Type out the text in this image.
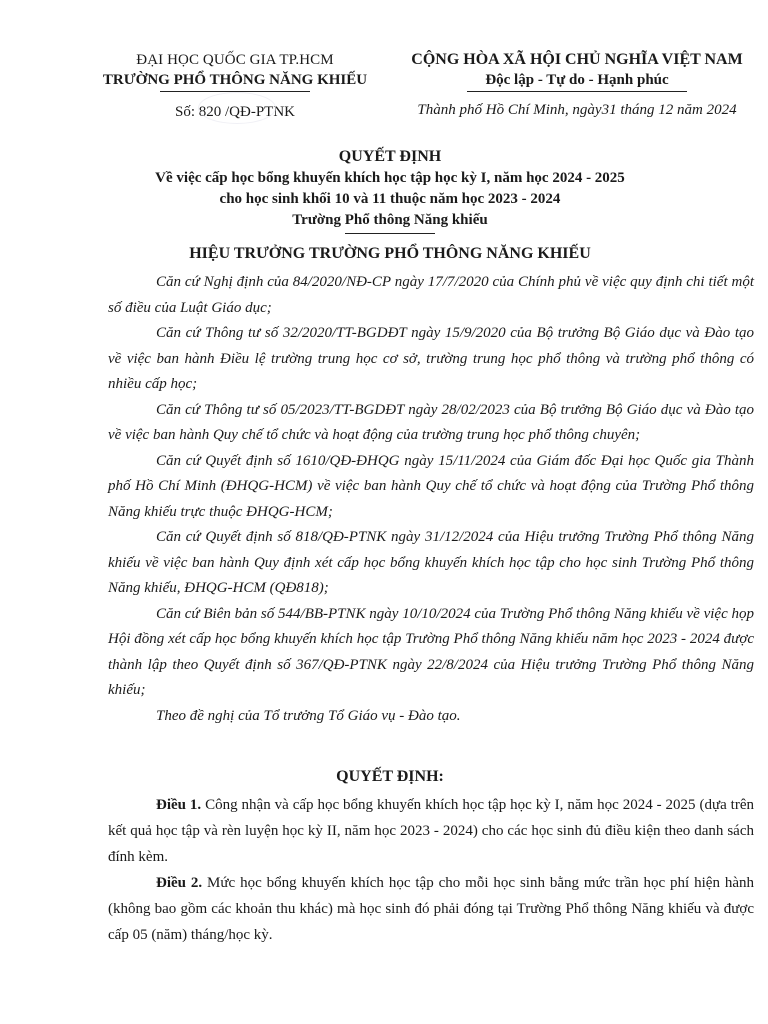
ĐẠI HỌC QUỐC GIA TP.HCM
TRƯỜNG PHỔ THÔNG NĂNG KHIẾU
Số: 820 /QĐ-PTNK
CỘNG HÒA XÃ HỘI CHỦ NGHĨA VIỆT NAM
Độc lập - Tự do - Hạnh phúc
Thành phố Hồ Chí Minh, ngày31 tháng 12 năm 2024
QUYẾT ĐỊNH
Về việc cấp học bổng khuyến khích học tập học kỳ I, năm học 2024 - 2025
cho học sinh khối 10 và 11 thuộc năm học 2023 - 2024
Trường Phổ thông Năng khiếu
HIỆU TRƯỞNG TRƯỜNG PHỔ THÔNG NĂNG KHIẾU

Căn cứ Nghị định của 84/2020/NĐ-CP ngày 17/7/2020 của Chính phủ về việc quy định chi tiết một số điều của Luật Giáo dục;

Căn cứ Thông tư số 32/2020/TT-BGDĐT ngày 15/9/2020 của Bộ trưởng Bộ Giáo dục và Đào tạo về việc ban hành Điều lệ trường trung học cơ sở, trường trung học phổ thông và trường phổ thông có nhiều cấp học;

Căn cứ Thông tư số 05/2023/TT-BGDĐT ngày 28/02/2023 của Bộ trưởng Bộ Giáo dục và Đào tạo về việc ban hành Quy chế tổ chức và hoạt động của trường trung học phổ thông chuyên;

Căn cứ Quyết định số 1610/QĐ-ĐHQG ngày 15/11/2024 của Giám đốc Đại học Quốc gia Thành phố Hồ Chí Minh (ĐHQG-HCM) về việc ban hành Quy chế tổ chức và hoạt động của Trường Phổ thông Năng khiếu trực thuộc ĐHQG-HCM;

Căn cứ Quyết định số 818/QĐ-PTNK ngày 31/12/2024 của Hiệu trưởng Trường Phổ thông Năng khiếu về việc ban hành Quy định xét cấp học bổng khuyến khích học tập cho học sinh Trường Phổ thông Năng khiếu, ĐHQG-HCM (QĐ818);

Căn cứ Biên bản số 544/BB-PTNK ngày 10/10/2024 của Trường Phổ thông Năng khiếu về việc họp Hội đồng xét cấp học bổng khuyến khích học tập Trường Phổ thông Năng khiếu năm học 2023 - 2024 được thành lập theo Quyết định số 367/QĐ-PTNK ngày 22/8/2024 của Hiệu trưởng Trường Phổ thông Năng khiếu;

Theo đề nghị của Tổ trưởng Tổ Giáo vụ - Đào tạo.

QUYẾT ĐỊNH:

Điều 1. Công nhận và cấp học bổng khuyến khích học tập học kỳ I, năm học 2024 - 2025 (dựa trên kết quả học tập và rèn luyện học kỳ II, năm học 2023 - 2024) cho các học sinh đủ điều kiện theo danh sách đính kèm.

Điều 2. Mức học bổng khuyến khích học tập cho mỗi học sinh bằng mức trần học phí hiện hành (không bao gồm các khoản thu khác) mà học sinh đó phải đóng tại Trường Phổ thông Năng khiếu và được cấp 05 (năm) tháng/học kỳ.
